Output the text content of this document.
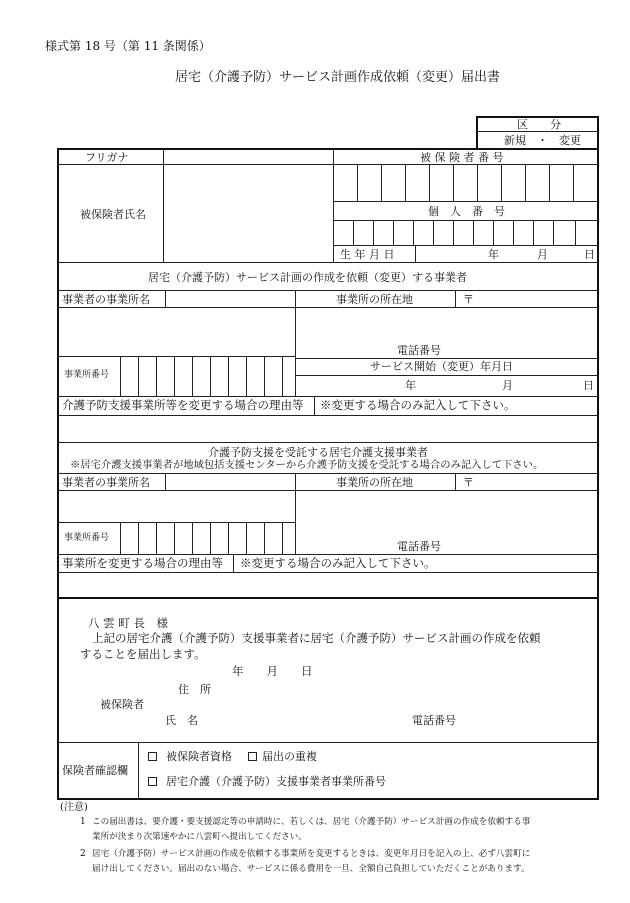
様式第 18 号（第 11 条関係）
居宅（介護予防）サービス計画作成依頼（変更）届出書
区　　分
新規　・　変更
フリガナ
被保険者氏名
被 保 険 者 番 号
個　人　番　号
生 年 月 日	年	月	日
居宅（介護予防）サービス計画の作成を依頼（変更）する事業者
事業者の事業所名	事業所の所在地	〒
電話番号
事業所番号
サービス開始（変更）年月日
年	月	日
介護予防支援事業所等を変更する場合の理由等 ※変更する場合のみ記入して下さい。
介護予防支援を受託する居宅介護支援事業者
※居宅介護支援事業者が地域包括支援センターから介護予防支援を受託する場合のみ記入して下さい。
事業者の事業所名	事業所の所在地	〒
事業所番号
電話番号
事業所を変更する場合の理由等 ※変更する場合のみ記入して下さい。
八 雲 町 長　様
上記の居宅介護（介護予防）支援事業者に居宅（介護予防）サービス計画の作成を依頼
することを届出します。
年　　月　　日
住　所
被保険者
氏　名	電話番号
保険者確認欄
被保険者資格	届出の重複
居宅介護（介護予防）支援事業者事業所番号
(注意)
1 この届出書は、要介護・要支援認定等の申請時に、若しくは、居宅（介護予防）サービス計画の作成を依頼する事
業所が決まり次第速やかに八雲町へ提出してください。
2 居宅（介護予防）サービス計画の作成を依頼する事業所を変更するときは、変更年月日を記入の上、必ず八雲町に
届け出してください。届出のない場合、サービスに係る費用を一旦、全額自己負担していただくことがあります。
